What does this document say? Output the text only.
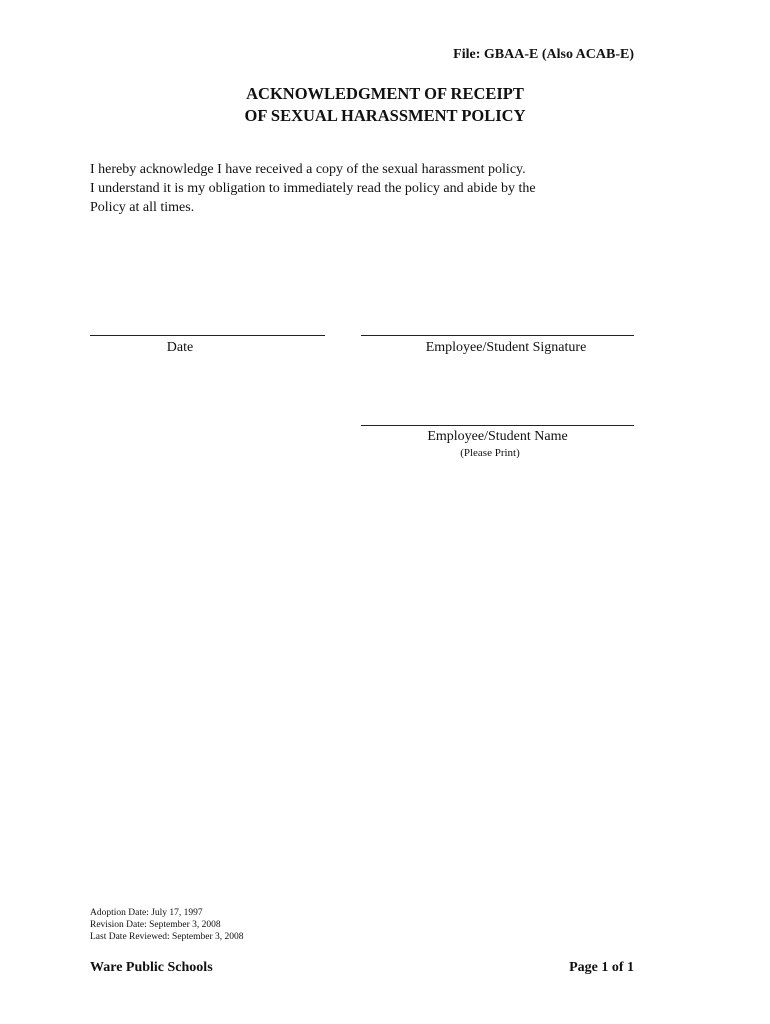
File: GBAA-E (Also ACAB-E)
ACKNOWLEDGMENT OF RECEIPT
OF SEXUAL HARASSMENT POLICY
I hereby acknowledge I have received a copy of the sexual harassment policy.
I understand it is my obligation to immediately read the policy and abide by the
Policy at all times.
Date	Employee/Student Signature
Employee/Student Name
(Please Print)
Adoption Date: July 17, 1997
Revision Date: September 3, 2008
Last Date Reviewed: September 3, 2008
Ware Public Schools	Page 1 of 1
